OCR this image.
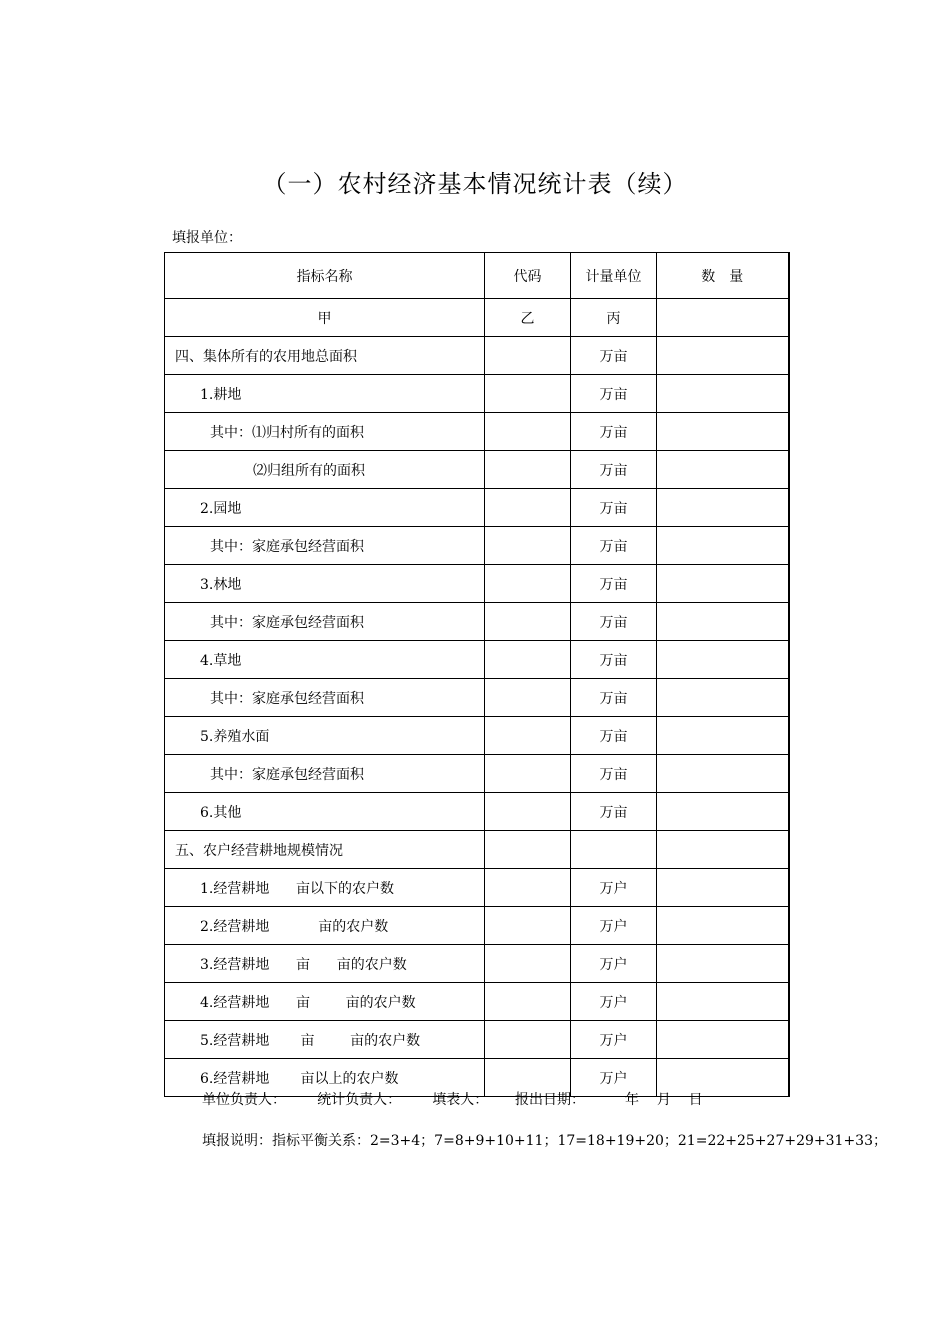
（一）农村经济基本情况统计表（续）
填报单位：
指标名称	代码	计量单位	数　量
甲	乙	丙	
四、集体所有的农用地总面积		万亩	
1.耕地		万亩	
其中：⑴归村所有的面积		万亩	
⑵归组所有的面积		万亩	
2.园地		万亩	
其中：家庭承包经营面积		万亩	
3.林地		万亩	
其中：家庭承包经营面积		万亩	
4.草地		万亩	
其中：家庭承包经营面积		万亩	
5.养殖水面		万亩	
其中：家庭承包经营面积		万亩	
6.其他		万亩	
五、农户经营耕地规模情况			
1.经营耕地      亩以下的农户数		万户	
2.经营耕地           亩的农户数		万户	
3.经营耕地      亩      亩的农户数		万户	
4.经营耕地      亩        亩的农户数		万户	
5.经营耕地       亩        亩的农户数		万户	
6.经营耕地       亩以上的农户数		万户	
单位负责人：       统计负责人：       填表人：      报出日期：         年    月    日
填报说明：指标平衡关系：2=3+4；7=8+9+10+11；17=18+19+20；21=22+25+27+29+31+33；
